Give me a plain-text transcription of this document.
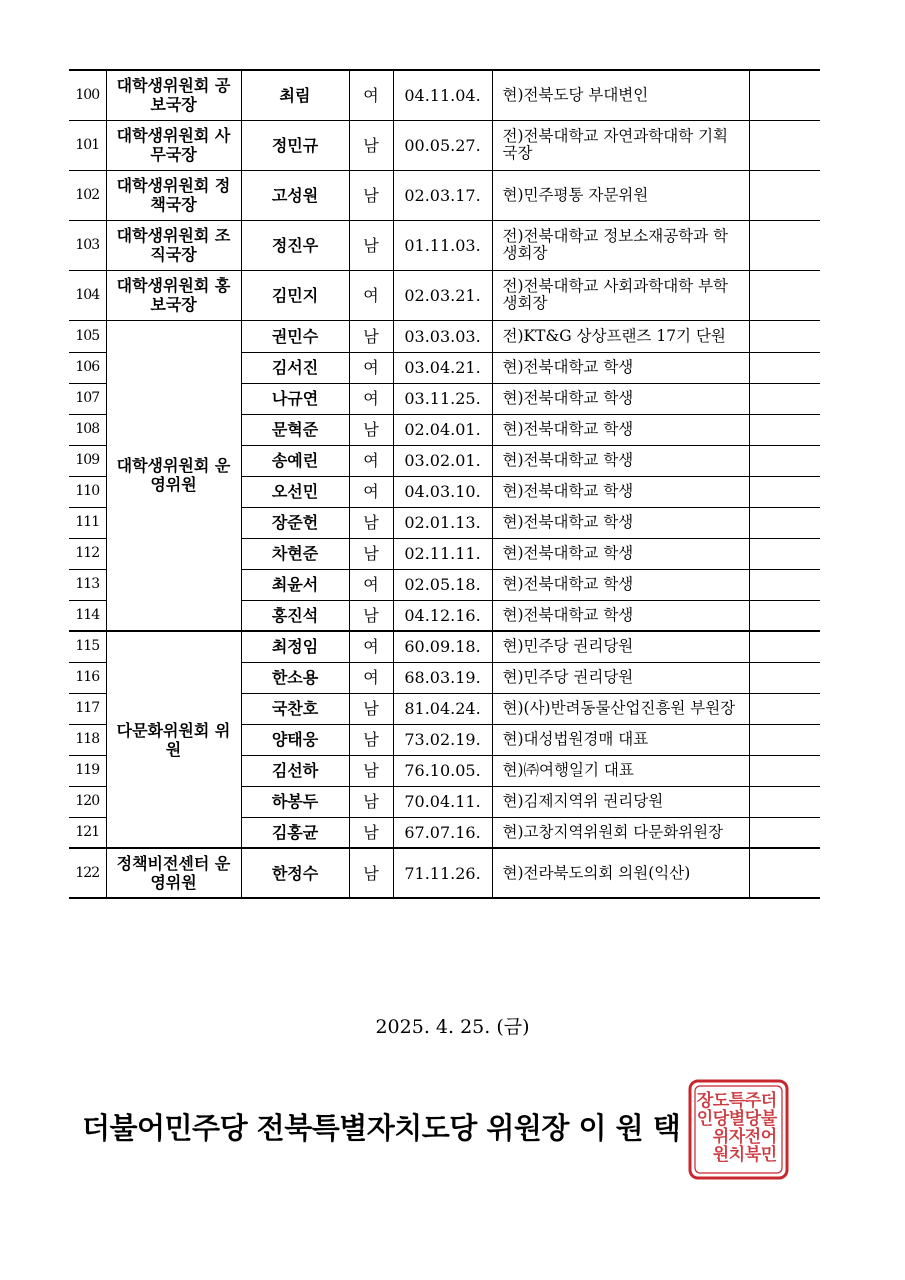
100	대학생위원회 공보국장	최림	여	04.11.04.	현)전북도당 부대변인	
101	대학생위원회 사무국장	정민규	남	00.05.27.	전)전북대학교 자연과학대학 기획국장	
102	대학생위원회 정책국장	고성원	남	02.03.17.	현)민주평통 자문위원	
103	대학생위원회 조직국장	정진우	남	01.11.03.	전)전북대학교 정보소재공학과 학생회장	
104	대학생위원회 홍보국장	김민지	여	02.03.21.	전)전북대학교 사회과학대학 부학생회장	
105	대학생위원회 운영위원	권민수	남	03.03.03.	전)KT&G 상상프랜즈 17기 단원	
106		김서진	여	03.04.21.	현)전북대학교 학생	
107		나규연	여	03.11.25.	현)전북대학교 학생	
108		문혁준	남	02.04.01.	현)전북대학교 학생	
109		송예린	여	03.02.01.	현)전북대학교 학생	
110		오선민	여	04.03.10.	현)전북대학교 학생	
111		장준헌	남	02.01.13.	현)전북대학교 학생	
112		차현준	남	02.11.11.	현)전북대학교 학생	
113		최윤서	여	02.05.18.	현)전북대학교 학생	
114		홍진석	남	04.12.16.	현)전북대학교 학생	
115	다문화위원회 위원	최정임	여	60.09.18.	현)민주당 권리당원	
116		한소용	여	68.03.19.	현)민주당 권리당원	
117		국찬호	남	81.04.24.	현)(사)반려동물산업진흥원 부원장	
118		양태웅	남	73.02.19.	현)대성법원경매 대표	
119		김선하	남	76.10.05.	현)㈜여행일기 대표	
120		하봉두	남	70.04.11.	현)김제지역위 권리당원	
121		김홍균	남	67.07.16.	현)고창지역위원회 다문화위원장	
122	정책비전센터 운영위원	한정수	남	71.11.26.	현)전라북도의회 의원(익산)	
2025. 4. 25. (금)
더불어민주당 전북특별자치도당 위원장 이 원 택
더
불
어
민
주
당
전
북
특
별
자
치
도
당
위
원
장
인
